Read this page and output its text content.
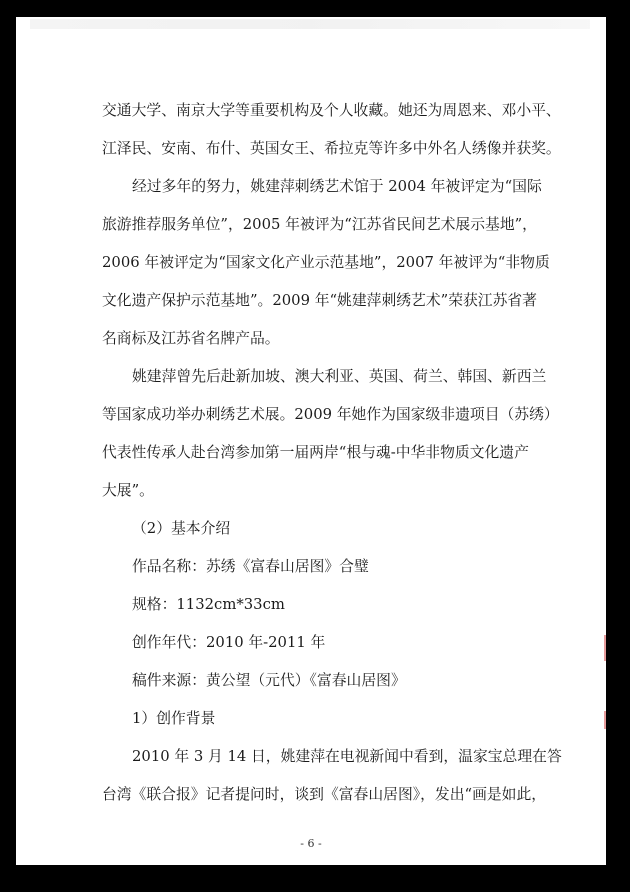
交通大学、南京大学等重要机构及个人收藏。她还为周恩来、邓小平、

江泽民、安南、布什、英国女王、希拉克等许多中外名人绣像并获奖。

经过多年的努力，姚建萍刺绣艺术馆于 2004 年被评定为“国际

旅游推荐服务单位”，2005 年被评为“江苏省民间艺术展示基地”，

2006 年被评定为“国家文化产业示范基地”，2007 年被评为“非物质

文化遗产保护示范基地”。2009 年“姚建萍刺绣艺术”荣获江苏省著

名商标及江苏省名牌产品。

姚建萍曾先后赴新加坡、澳大利亚、英国、荷兰、韩国、新西兰

等国家成功举办刺绣艺术展。2009 年她作为国家级非遗项目（苏绣）

代表性传承人赴台湾参加第一届两岸“根与魂-中华非物质文化遗产

大展”。

（2）基本介绍

作品名称：苏绣《富春山居图》合璧

规格：1132cm*33cm

创作年代：2010 年-2011 年

稿件来源：黄公望（元代）《富春山居图》

1）创作背景

2010 年 3 月 14 日，姚建萍在电视新闻中看到，温家宝总理在答

台湾《联合报》记者提问时，谈到《富春山居图》，发出“画是如此，

- 6 -
